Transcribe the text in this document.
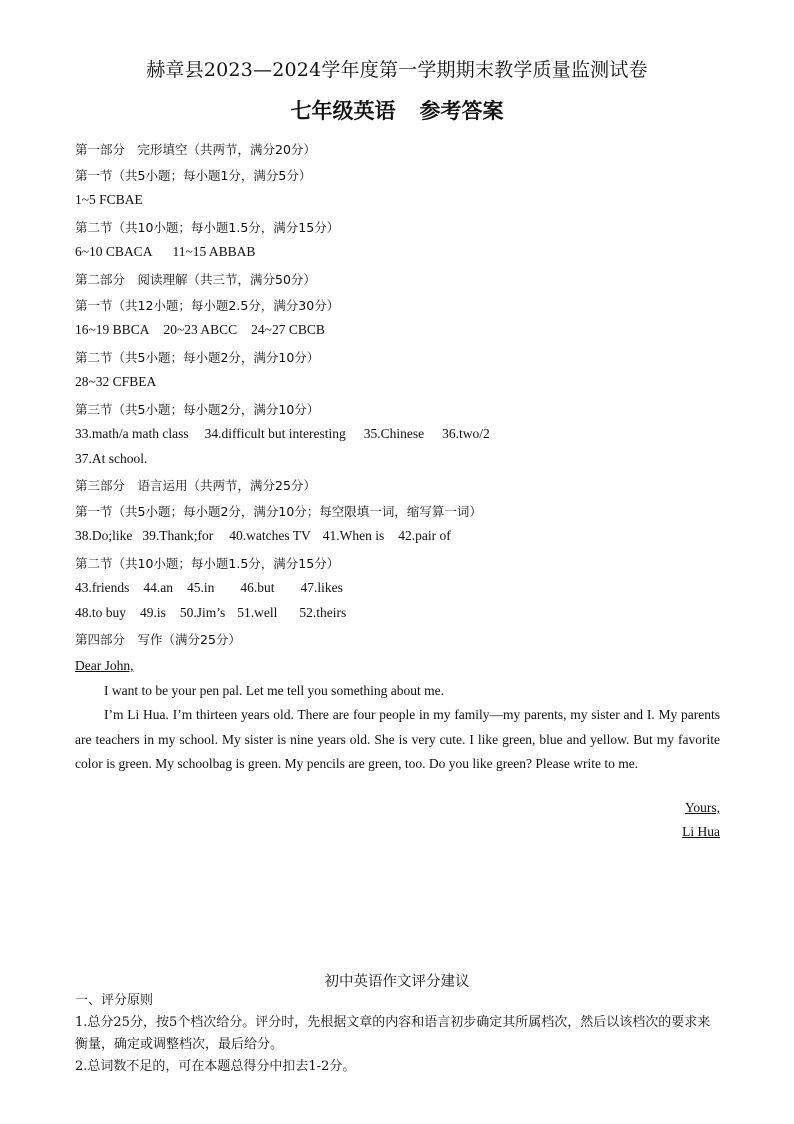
赫章县2023—2024学年度第一学期期末教学质量监测试卷
七年级英语 参考答案
第一部分　完形填空（共两节，满分20分）
第一节（共5小题；每小题1分，满分5分）
1~5 FCBAE
第二节（共10小题；每小题1.5分，满分15分）
6~10 CBACA 11~15 ABBAB
第二部分　阅读理解（共三节，满分50分）
第一节（共12小题；每小题2.5分，满分30分）
16~19 BBCA 20~23 ABCC 24~27 CBCB
第二节（共5小题；每小题2分，满分10分）
28~32 CFBEA
第三节（共5小题；每小题2分，满分10分）
33.math/a math class 34.difficult but interesting 35.Chinese 36.two/2
37.At school.
第三部分　语言运用（共两节，满分25分）
第一节（共5小题；每小题2分，满分10分；每空限填一词，缩写算一词）
38.Do;like 39.Thank;for 40.watches TV 41.When is 42.pair of
第二节（共10小题；每小题1.5分，满分15分）
43.friends 44.an 45.in 46.but 47.likes
48.to buy 49.is 50.Jim’s 51.well 52.theirs
第四部分　写作（满分25分）

Dear John,

I want to be your pen pal. Let me tell you something about me.

I’m Li Hua. I’m thirteen years old. There are four people in my family—my parents, my sister and I. My parents are teachers in my school. My sister is nine years old. She is very cute. I like green, blue and yellow. But my favorite color is green. My schoolbag is green. My pencils are green, too. Do you like green? Please write to me.

Yours,
Li Hua
初中英语作文评分建议

一、评分原则

1.总分25分，按5个档次给分。评分时，先根据文章的内容和语言初步确定其所属档次，然后以该档次的要求来衡量，确定或调整档次，最后给分。

2.总词数不足的，可在本题总得分中扣去1-2分。
